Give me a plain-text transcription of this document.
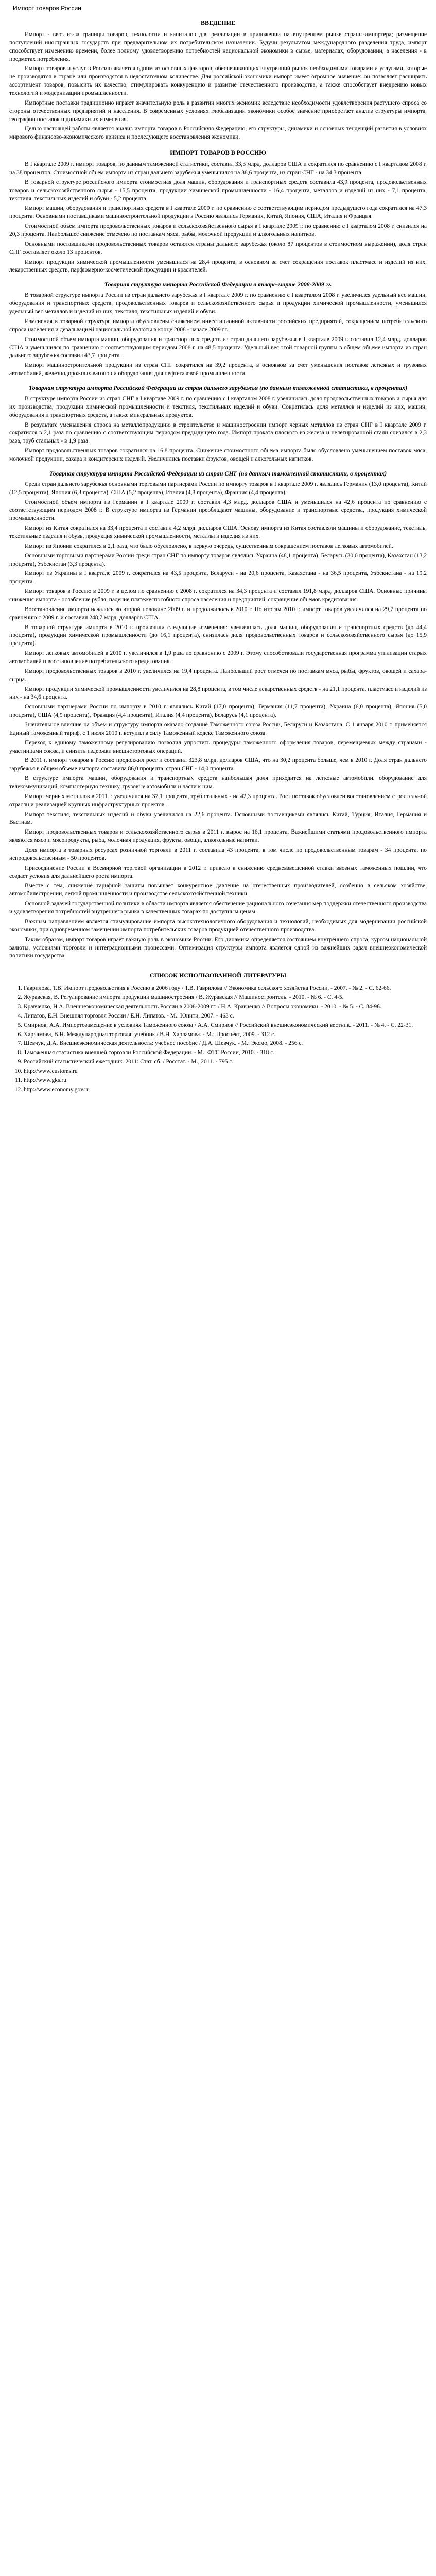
Импорт товаров России
ВВЕДЕНИЕ

Импорт - ввоз из-за границы товаров, технологии и капиталов для реализации в приложении на внутреннем рынке страны-импортера; размещение поступлений иностранных государств при предварительном их потребительском назначении. Будучи результатом международного разделения труда, импорт способствует изменению времени, более полному удовлетворению потребностей национальной экономики в сырье, материалах, оборудовании, а населения - в предметах потребления.

Импорт товаров и услуг в Россию является одним из основных факторов, обеспечивающих внутренний рынок необходимыми товарами и услугами, которые не производятся в стране или производятся в недостаточном количестве. Для российской экономики импорт имеет огромное значение: он позволяет расширить ассортимент товаров, повысить их качество, стимулировать конкуренцию и развитие отечественного производства, а также способствует внедрению новых технологий и модернизации промышленности.

Импортные поставки традиционно играют значительную роль в развитии многих экономик вследствие необходимости удовлетворения растущего спроса со стороны отечественных предприятий и населения. В современных условиях глобализации экономики особое значение приобретает анализ структуры импорта, географии поставок и динамики их изменения.

Целью настоящей работы является анализ импорта товаров в Российскую Федерацию, его структуры, динамики и основных тенденций развития в условиях мирового финансово-экономического кризиса и последующего восстановления экономики.

ИМПОРТ ТОВАРОВ В РОССИЮ

В I квартале 2009 г. импорт товаров, по данным таможенной статистики, составил 33,3 млрд. долларов США и сократился по сравнению с I кварталом 2008 г. на 38 процентов. Стоимостной объем импорта из стран дальнего зарубежья уменьшился на 38,6 процента, из стран СНГ - на 34,3 процента.

В товарной структуре российского импорта стоимостная доля машин, оборудования и транспортных средств составила 43,9 процента, продовольственных товаров и сельскохозяйственного сырья - 15,5 процента, продукции химической промышленности - 16,4 процента, металлов и изделий из них - 7,1 процента, текстиля, текстильных изделий и обуви - 5,2 процента.

Импорт машин, оборудования и транспортных средств в I квартале 2009 г. по сравнению с соответствующим периодом предыдущего года сократился на 47,3 процента. Основными поставщиками машиностроительной продукции в Россию являлись Германия, Китай, Япония, США, Италия и Франция.

Стоимостной объем импорта продовольственных товаров и сельскохозяйственного сырья в I квартале 2009 г. по сравнению с I кварталом 2008 г. снизился на 20,3 процента. Наибольшее снижение отмечено по поставкам мяса, рыбы, молочной продукции и алкогольных напитков.

Основными поставщиками продовольственных товаров остаются страны дальнего зарубежья (около 87 процентов в стоимостном выражении), доля стран СНГ составляет около 13 процентов.

Импорт продукции химической промышленности уменьшился на 28,4 процента, в основном за счет сокращения поставок пластмасс и изделий из них, лекарственных средств, парфюмерно-косметической продукции и красителей.

Товарная структура импорта Российской Федерации в январе-марте 2008-2009 гг.

В товарной структуре импорта России из стран дальнего зарубежья в I квартале 2009 г. по сравнению с I кварталом 2008 г. увеличился удельный вес машин, оборудования и транспортных средств, продовольственных товаров и сельскохозяйственного сырья и продукции химической промышленности, уменьшился удельный вес металлов и изделий из них, текстиля, текстильных изделий и обуви.

Изменения в товарной структуре импорта обусловлены снижением инвестиционной активности российских предприятий, сокращением потребительского спроса населения и девальвацией национальной валюты в конце 2008 - начале 2009 гг.

Стоимостной объем импорта машин, оборудования и транспортных средств из стран дальнего зарубежья в I квартале 2009 г. составил 12,4 млрд. долларов США и уменьшился по сравнению с соответствующим периодом 2008 г. на 48,5 процента. Удельный вес этой товарной группы в общем объеме импорта из стран дальнего зарубежья составил 43,7 процента.

Импорт машиностроительной продукции из стран СНГ сократился на 39,2 процента, в основном за счет уменьшения поставок легковых и грузовых автомобилей, железнодорожных вагонов и оборудования для нефтегазовой промышленности.

Товарная структура импорта Российской Федерации из стран дальнего зарубежья (по данным таможенной статистики, в процентах)

В структуре импорта России из стран СНГ в I квартале 2009 г. по сравнению с I кварталом 2008 г. увеличилась доля продовольственных товаров и сырья для их производства, продукции химической промышленности и текстиля, текстильных изделий и обуви. Сократилась доля металлов и изделий из них, машин, оборудования и транспортных средств, а также минеральных продуктов.

В результате уменьшения спроса на металлопродукцию в строительстве и машиностроении импорт черных металлов из стран СНГ в I квартале 2009 г. сократился в 2,1 раза по сравнению с соответствующим периодом предыдущего года. Импорт проката плоского из железа и нелегированной стали снизился в 2,3 раза, труб стальных - в 1,9 раза.

Импорт продовольственных товаров сократился на 16,8 процента. Снижение стоимостного объема импорта было обусловлено уменьшением поставок мяса, молочной продукции, сахара и кондитерских изделий. Увеличились поставки фруктов, овощей и алкогольных напитков.

Товарная структура импорта Российской Федерации из стран СНГ (по данным таможенной статистики, в процентах)

Среди стран дальнего зарубежья основными торговыми партнерами России по импорту товаров в I квартале 2009 г. являлись Германия (13,0 процента), Китай (12,5 процента), Япония (6,3 процента), США (5,2 процента), Италия (4,8 процента), Франция (4,4 процента).

Стоимостной объем импорта из Германии в I квартале 2009 г. составил 4,3 млрд. долларов США и уменьшился на 42,6 процента по сравнению с соответствующим периодом 2008 г. В структуре импорта из Германии преобладают машины, оборудование и транспортные средства, продукция химической промышленности.

Импорт из Китая сократился на 33,4 процента и составил 4,2 млрд. долларов США. Основу импорта из Китая составляли машины и оборудование, текстиль, текстильные изделия и обувь, продукция химической промышленности, металлы и изделия из них.

Импорт из Японии сократился в 2,1 раза, что было обусловлено, в первую очередь, существенным сокращением поставок легковых автомобилей.

Основными торговыми партнерами России среди стран СНГ по импорту товаров являлись Украина (48,1 процента), Беларусь (30,0 процента), Казахстан (13,2 процента), Узбекистан (3,3 процента).

Импорт из Украины в I квартале 2009 г. сократился на 43,5 процента, Беларуси - на 20,6 процента, Казахстана - на 36,5 процента, Узбекистана - на 19,2 процента.

Импорт товаров в Россию в 2009 г. в целом по сравнению с 2008 г. сократился на 34,3 процента и составил 191,8 млрд. долларов США. Основные причины снижения импорта - ослабление рубля, падение платежеспособного спроса населения и предприятий, сокращение объемов кредитования.

Восстановление импорта началось во второй половине 2009 г. и продолжилось в 2010 г. По итогам 2010 г. импорт товаров увеличился на 29,7 процента по сравнению с 2009 г. и составил 248,7 млрд. долларов США.

В товарной структуре импорта в 2010 г. произошли следующие изменения: увеличилась доля машин, оборудования и транспортных средств (до 44,4 процента), продукции химической промышленности (до 16,1 процента), снизилась доля продовольственных товаров и сельскохозяйственного сырья (до 15,9 процента).

Импорт легковых автомобилей в 2010 г. увеличился в 1,9 раза по сравнению с 2009 г. Этому способствовали государственная программа утилизации старых автомобилей и восстановление потребительского кредитования.

Импорт продовольственных товаров в 2010 г. увеличился на 19,4 процента. Наибольший рост отмечен по поставкам мяса, рыбы, фруктов, овощей и сахара-сырца.

Импорт продукции химической промышленности увеличился на 28,8 процента, в том числе лекарственных средств - на 21,1 процента, пластмасс и изделий из них - на 34,6 процента.

Основными партнерами России по импорту в 2010 г. являлись Китай (17,0 процента), Германия (11,7 процента), Украина (6,0 процента), Япония (5,0 процента), США (4,9 процента), Франция (4,4 процента), Италия (4,4 процента), Беларусь (4,1 процента).

Значительное влияние на объем и структуру импорта оказало создание Таможенного союза России, Беларуси и Казахстана. С 1 января 2010 г. применяется Единый таможенный тариф, с 1 июля 2010 г. вступил в силу Таможенный кодекс Таможенного союза.

Переход к единому таможенному регулированию позволил упростить процедуры таможенного оформления товаров, перемещаемых между странами - участницами союза, и снизить издержки внешнеторговых операций.

В 2011 г. импорт товаров в Россию продолжил рост и составил 323,8 млрд. долларов США, что на 30,2 процента больше, чем в 2010 г. Доля стран дальнего зарубежья в общем объеме импорта составила 86,0 процента, стран СНГ - 14,0 процента.

В структуре импорта машин, оборудования и транспортных средств наибольшая доля приходится на легковые автомобили, оборудование для телекоммуникаций, компьютерную технику, грузовые автомобили и части к ним.

Импорт черных металлов в 2011 г. увеличился на 37,1 процента, труб стальных - на 42,3 процента. Рост поставок обусловлен восстановлением строительной отрасли и реализацией крупных инфраструктурных проектов.

Импорт текстиля, текстильных изделий и обуви увеличился на 22,6 процента. Основными поставщиками являлись Китай, Турция, Италия, Германия и Вьетнам.

Импорт продовольственных товаров и сельскохозяйственного сырья в 2011 г. вырос на 16,1 процента. Важнейшими статьями продовольственного импорта являются мясо и мясопродукты, рыба, молочная продукция, фрукты, овощи, алкогольные напитки.

Доля импорта в товарных ресурсах розничной торговли в 2011 г. составила 43 процента, в том числе по продовольственным товарам - 34 процента, по непродовольственным - 50 процентов.

Присоединение России к Всемирной торговой организации в 2012 г. привело к снижению средневзвешенной ставки ввозных таможенных пошлин, что создает условия для дальнейшего роста импорта.

Вместе с тем, снижение тарифной защиты повышает конкурентное давление на отечественных производителей, особенно в сельском хозяйстве, автомобилестроении, легкой промышленности и производстве сельскохозяйственной техники.

Основной задачей государственной политики в области импорта является обеспечение рационального сочетания мер поддержки отечественного производства и удовлетворения потребностей внутреннего рынка в качественных товарах по доступным ценам.

Важным направлением является стимулирование импорта высокотехнологичного оборудования и технологий, необходимых для модернизации российской экономики, при одновременном замещении импорта потребительских товаров продукцией отечественного производства.

Таким образом, импорт товаров играет важную роль в экономике России. Его динамика определяется состоянием внутреннего спроса, курсом национальной валюты, условиями торговли и интеграционными процессами. Оптимизация структуры импорта является одной из важнейших задач внешнеэкономической политики государства.

СПИСОК ИСПОЛЬЗОВАННОЙ ЛИТЕРАТУРЫ
1. Гаврилова, Т.В. Импорт продовольствия в Россию в 2006 году / Т.В. Гаврилова // Экономика сельского хозяйства России. - 2007. - № 2. - С. 62-66.
2. Журавская, В. Регулирование импорта продукции машиностроения / В. Журавская // Машиностроитель. - 2010. - № 6. - С. 4-5.
3. Кравченко, Н.А. Внешнеэкономическая деятельность России в 2008-2009 гг. / Н.А. Кравченко // Вопросы экономики. - 2010. - № 5. - С. 84-96.
4. Липатов, Е.Н. Внешняя торговля России / Е.Н. Липатов. - М.: Юнити, 2007. - 463 с.
5. Смирнов, А.А. Импортозамещение в условиях Таможенного союза / А.А. Смирнов // Российский внешнеэкономический вестник. - 2011. - № 4. - С. 22-31.
6. Харламова, В.Н. Международная торговля: учебник / В.Н. Харламова. - М.: Проспект, 2009. - 312 с.
7. Шевчук, Д.А. Внешнеэкономическая деятельность: учебное пособие / Д.А. Шевчук. - М.: Эксмо, 2008. - 256 с.
8. Таможенная статистика внешней торговли Российской Федерации. - М.: ФТС России, 2010. - 318 с.
9. Российский статистический ежегодник. 2011: Стат. сб. / Росстат. - М., 2011. - 795 с.
10. http://www.customs.ru
11. http://www.gks.ru
12. http://www.economy.gov.ru
